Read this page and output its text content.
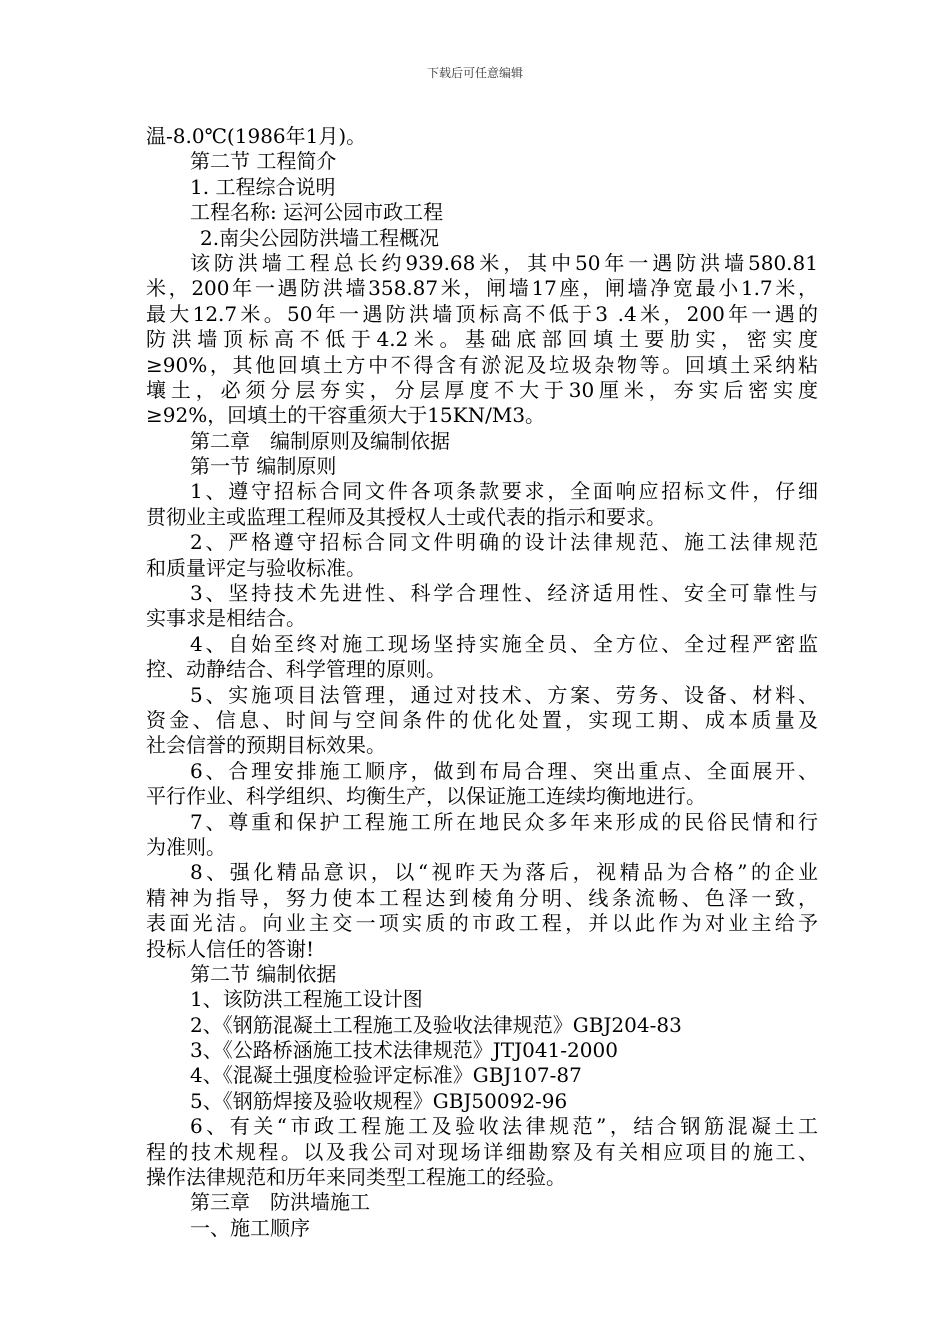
下载后可任意编辑
温-8.0℃(1986年1月)。
第二节 工程简介
1. 工程综合说明
工程名称: 运河公园市政工程
2.南尖公园防洪墙工程概况
该防洪墙工程总长约939.68米，其中50年一遇防洪墙580.81
米，200年一遇防洪墙358.87米，闸墙17座，闸墙净宽最小1.7米，
最大12.7米。50年一遇防洪墙顶标高不低于3 .4米，200年一遇的
防洪墙顶标高不低于4.2米。基础底部回填土要肋实，密实度
≥90%，其他回填土方中不得含有淤泥及垃圾杂物等。回填土采纳粘
壤土，必须分层夯实，分层厚度不大于30厘米，夯实后密实度
≥92%，回填土的干容重须大于15KN/M3。
第二章　编制原则及编制依据
第一节 编制原则
1、遵守招标合同文件各项条款要求，全面响应招标文件，仔细
贯彻业主或监理工程师及其授权人士或代表的指示和要求。
2、严格遵守招标合同文件明确的设计法律规范、施工法律规范
和质量评定与验收标准。
3、坚持技术先进性、科学合理性、经济适用性、安全可靠性与
实事求是相结合。
4、自始至终对施工现场坚持实施全员、全方位、全过程严密监
控、动静结合、科学管理的原则。
5、实施项目法管理，通过对技术、方案、劳务、设备、材料、
资金、信息、时间与空间条件的优化处置，实现工期、成本质量及
社会信誉的预期目标效果。
6、合理安排施工顺序，做到布局合理、突出重点、全面展开、
平行作业、科学组织、均衡生产，以保证施工连续均衡地进行。
7、尊重和保护工程施工所在地民众多年来形成的民俗民情和行
为准则。
8、强化精品意识，以“视昨天为落后，视精品为合格”的企业
精神为指导，努力使本工程达到棱角分明、线条流畅、色泽一致，
表面光洁。向业主交一项实质的市政工程，并以此作为对业主给予
投标人信任的答谢!
第二节 编制依据
1、该防洪工程施工设计图
2、《钢筋混凝土工程施工及验收法律规范》GBJ204-83
3、《公路桥涵施工技术法律规范》JTJ041-2000
4、《混凝土强度检验评定标准》GBJ107-87
5、《钢筋焊接及验收规程》GBJ50092-96
6、有关“市政工程施工及验收法律规范”，结合钢筋混凝土工
程的技术规程。以及我公司对现场详细勘察及有关相应项目的施工、
操作法律规范和历年来同类型工程施工的经验。
第三章　防洪墙施工
一、施工顺序
